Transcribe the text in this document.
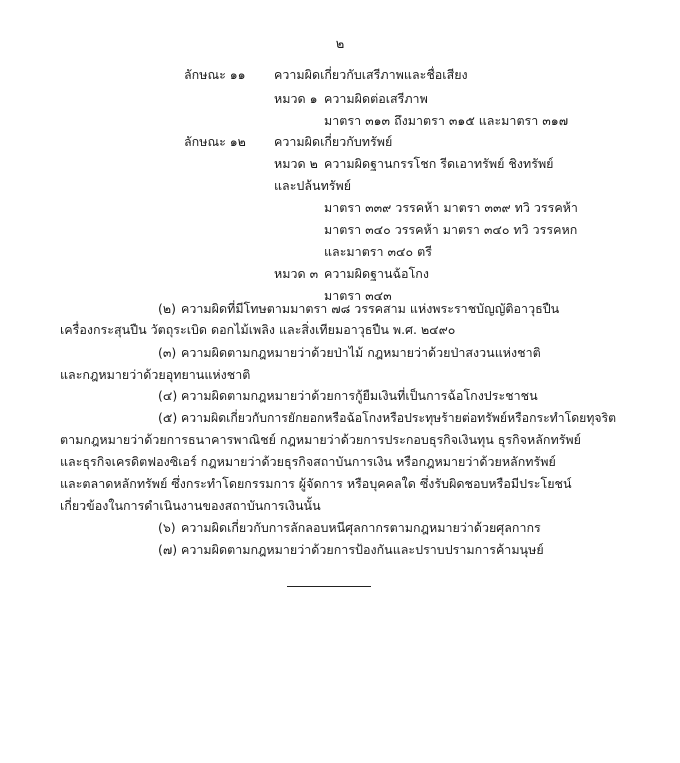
๒
ลักษณะ ๑๑ ความผิดเกี่ยวกับเสรีภาพและชื่อเสียง
หมวด ๑ ความผิดต่อเสรีภาพ
มาตรา ๓๑๓ ถึงมาตรา ๓๑๕ และมาตรา ๓๑๗
ลักษณะ ๑๒ ความผิดเกี่ยวกับทรัพย์
หมวด ๒ ความผิดฐานกรรโชก รีดเอาทรัพย์ ชิงทรัพย์
และปล้นทรัพย์
มาตรา ๓๓๙ วรรคห้า มาตรา ๓๓๙ ทวิ วรรคห้า
มาตรา ๓๔๐ วรรคห้า มาตรา ๓๔๐ ทวิ วรรคหก
และมาตรา ๓๔๐ ตรี
หมวด ๓ ความผิดฐานฉ้อโกง
มาตรา ๓๔๓
(๒) ความผิดที่มีโทษตามมาตรา ๗๘ วรรคสาม แห่งพระราชบัญญัติอาวุธปืน
เครื่องกระสุนปืน วัตถุระเบิด ดอกไม้เพลิง และสิ่งเทียมอาวุธปืน พ.ศ. ๒๔๙๐
(๓) ความผิดตามกฎหมายว่าด้วยป่าไม้ กฎหมายว่าด้วยป่าสงวนแห่งชาติ
และกฎหมายว่าด้วยอุทยานแห่งชาติ
(๔) ความผิดตามกฎหมายว่าด้วยการกู้ยืมเงินที่เป็นการฉ้อโกงประชาชน
(๕) ความผิดเกี่ยวกับการยักยอกหรือฉ้อโกงหรือประทุษร้ายต่อทรัพย์หรือกระทำโดยทุจริต
ตามกฎหมายว่าด้วยการธนาคารพาณิชย์ กฎหมายว่าด้วยการประกอบธุรกิจเงินทุน ธุรกิจหลักทรัพย์
และธุรกิจเครดิตฟองซิเอร์ กฎหมายว่าด้วยธุรกิจสถาบันการเงิน หรือกฎหมายว่าด้วยหลักทรัพย์
และตลาดหลักทรัพย์ ซึ่งกระทำโดยกรรมการ ผู้จัดการ หรือบุคคลใด ซึ่งรับผิดชอบหรือมีประโยชน์
เกี่ยวข้องในการดำเนินงานของสถาบันการเงินนั้น
(๖) ความผิดเกี่ยวกับการลักลอบหนีศุลกากรตามกฎหมายว่าด้วยศุลกากร
(๗) ความผิดตามกฎหมายว่าด้วยการป้องกันและปราบปรามการค้ามนุษย์
